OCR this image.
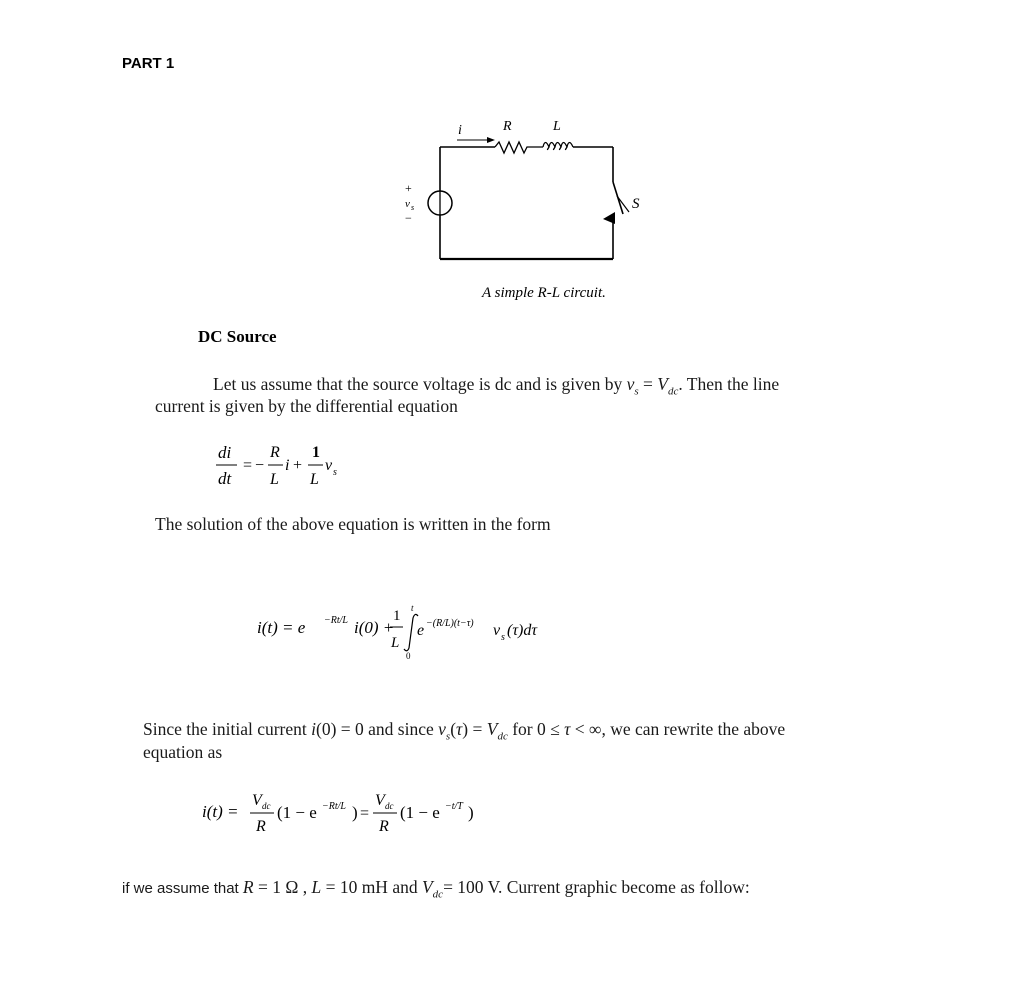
PART 1
i	R	L
+
v s
−
S
A simple R-L circuit.
DC Source
Let us assume that the source voltage is dc and is given by $v_s = V_{dc}$. Then the line
current is given by the differential equation
di
dt
= −
R
L
i +
1
L
v s
The solution of the above equation is written in the form
i(t) = e −Rt/L i(0) +
1
L
t
0
e −(R/L)(t−τ) v s (τ)dτ
Since the initial current i(0) = 0 and since $v_s(\tau) = V_{dc}$ for 0 ≤ τ < ∞, we can rewrite the above
equation as
i(t) =
V dc
R
(1 − e −Rt/L ) =
V dc
R
(1 − e −t/T )
if we assume that R = 1 Ω , L = 10 mH and $V_{dc}= 100$ V. Current graphic become as follow:
